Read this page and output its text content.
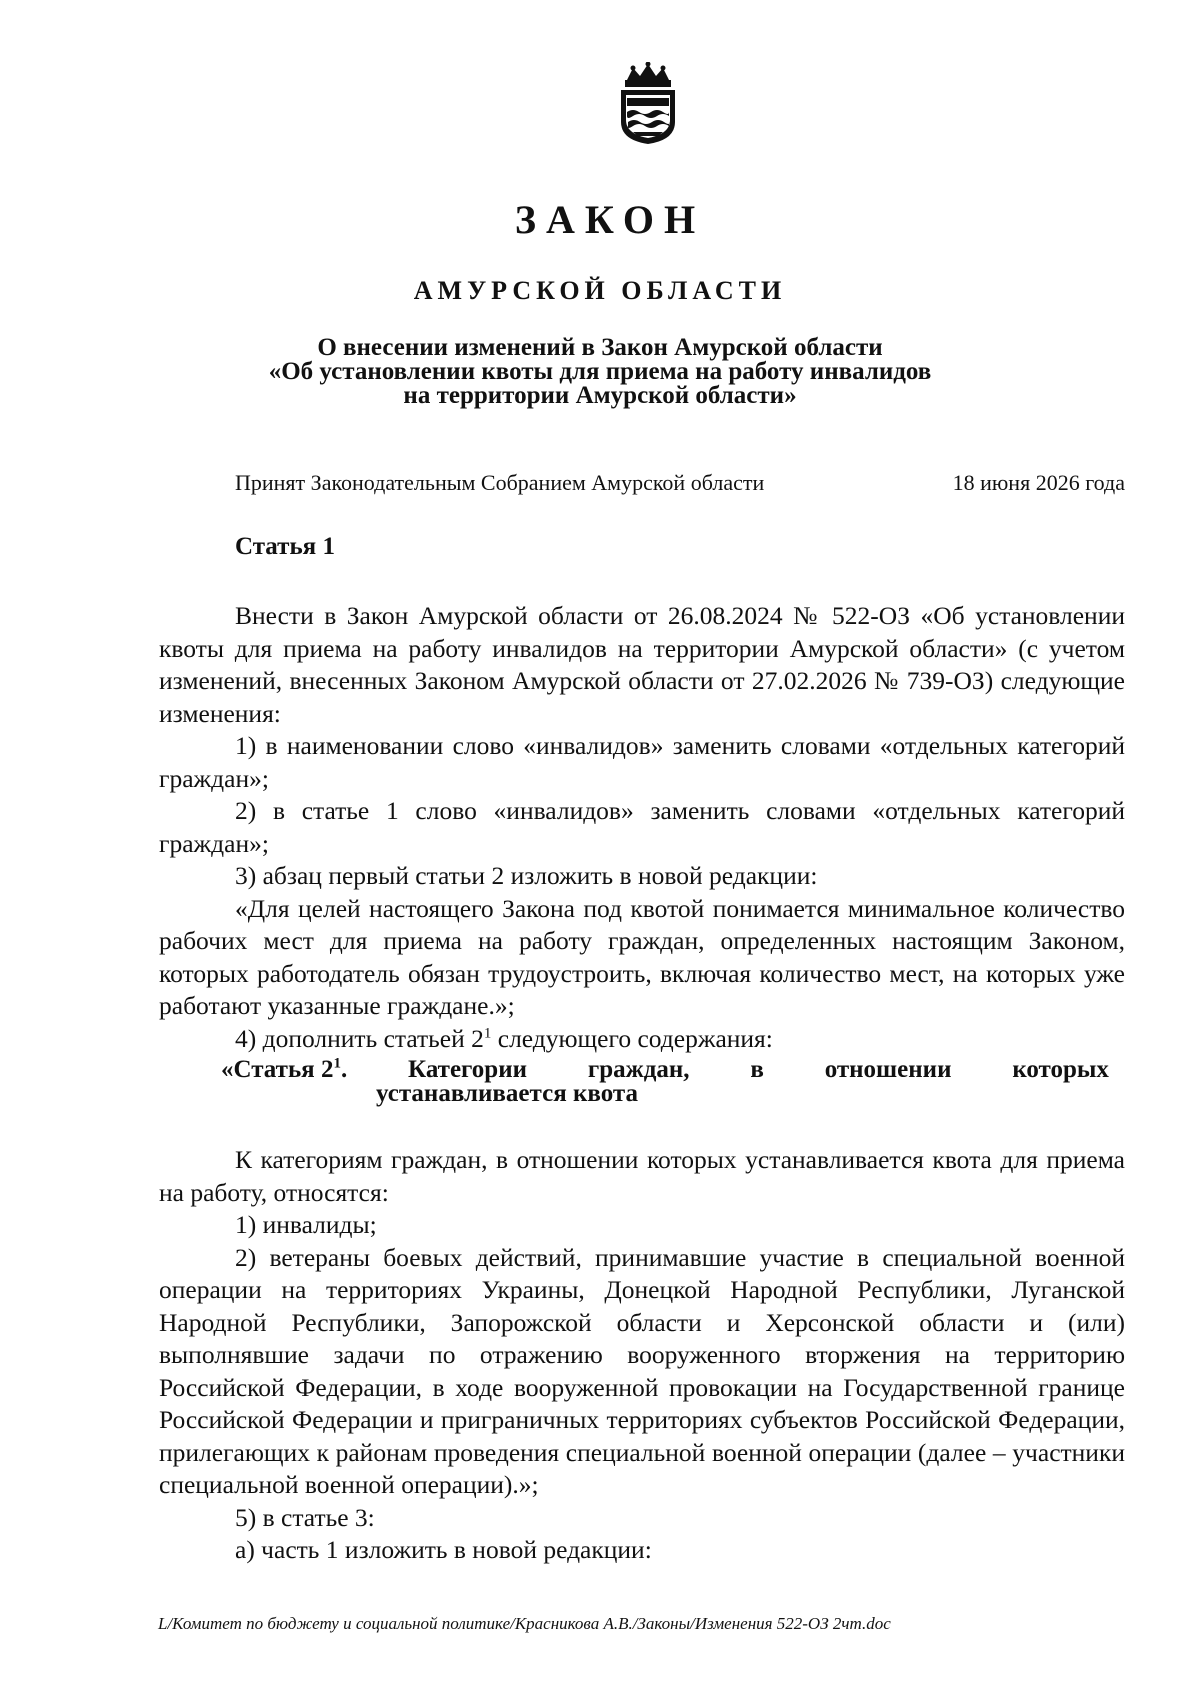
ЗАКОН
АМУРСКОЙ ОБЛАСТИ
О внесении изменений в Закон Амурской области
«Об установлении квоты для приема на работу инвалидов
на территории Амурской области»
Принят Законодательным Собранием Амурской области	18 июня 2026 года
Статья 1

Внести в Закон Амурской области от 26.08.2024 № 522-ОЗ «Об установлении квоты для приема на работу инвалидов на территории Амурской области» (с учетом изменений, внесенных Законом Амурской области от 27.02.2026 № 739-ОЗ) следующие изменения:

1) в наименовании слово «инвалидов» заменить словами «отдельных категорий граждан»;

2) в статье 1 слово «инвалидов» заменить словами «отдельных категорий граждан»;

3) абзац первый статьи 2 изложить в новой редакции:

«Для целей настоящего Закона под квотой понимается минимальное количество рабочих мест для приема на работу граждан, определенных настоящим Законом, которых работодатель обязан трудоустроить, включая количество мест, на которых уже работают указанные граждане.»;

4) дополнить статьей $2^1$ следующего содержания:

«Статья $2^1$. Категории граждан, в отношении которых
устанавливается квота

К категориям граждан, в отношении которых устанавливается квота для приема на работу, относятся:

1) инвалиды;

2) ветераны боевых действий, принимавшие участие в специальной военной операции на территориях Украины, Донецкой Народной Республики, Луганской Народной Республики, Запорожской области и Херсонской области и (или) выполнявшие задачи по отражению вооруженного вторжения на территорию Российской Федерации, в ходе вооруженной провокации на Государственной границе Российской Федерации и приграничных территориях субъектов Российской Федерации, прилегающих к районам проведения специальной военной операции (далее – участники специальной военной операции).»;

5) в статье 3:

а) часть 1 изложить в новой редакции:

L/Комитет по бюджету и социальной политике/Красникова А.В./Законы/Изменения 522-ОЗ 2чт.doc
